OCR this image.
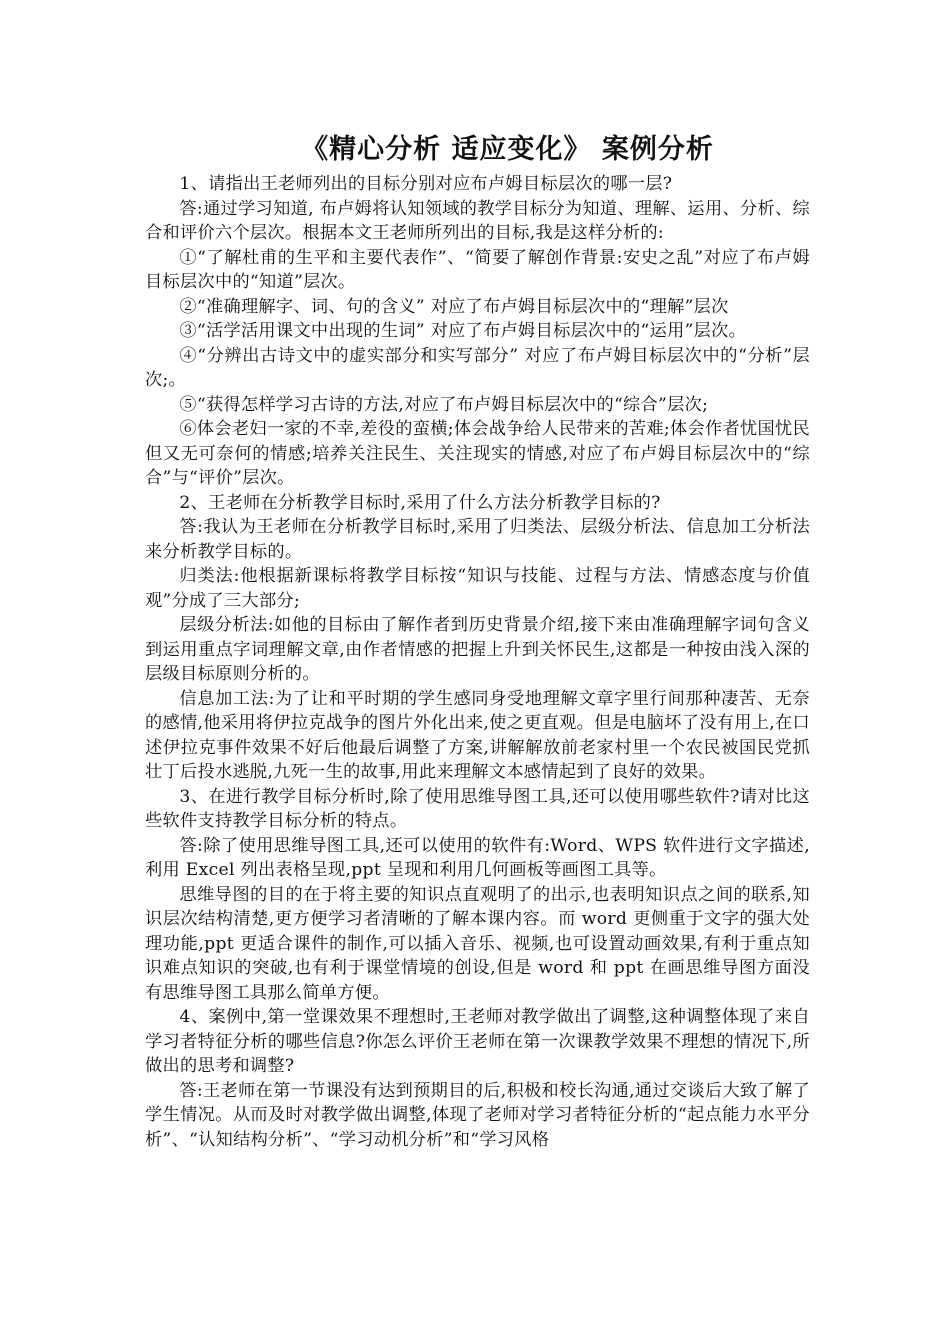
《精心分析 适应变化》 案例分析

1、请指出王老师列出的目标分别对应布卢姆目标层次的哪一层?

答:通过学习知道, 布卢姆将认知领域的教学目标分为知道、理解、运用、分析、综合和评价六个层次。根据本文王老师所列出的目标,我是这样分析的:

①“了解杜甫的生平和主要代表作”、“简要了解创作背景:安史之乱”对应了布卢姆目标层次中的“知道”层次。

②“准确理解字、词、句的含义” 对应了布卢姆目标层次中的“理解”层次

③“活学活用课文中出现的生词” 对应了布卢姆目标层次中的“运用”层次。

④“分辨出古诗文中的虚实部分和实写部分” 对应了布卢姆目标层次中的“分析”层次;。

⑤“获得怎样学习古诗的方法,对应了布卢姆目标层次中的“综合”层次;

⑥体会老妇一家的不幸,差役的蛮横;体会战争给人民带来的苦难;体会作者忧国忧民但又无可奈何的情感;培养关注民生、关注现实的情感,对应了布卢姆目标层次中的“综合”与“评价”层次。

2、王老师在分析教学目标时,采用了什么方法分析教学目标的?

答:我认为王老师在分析教学目标时,采用了归类法、层级分析法、信息加工分析法来分析教学目标的。

归类法:他根据新课标将教学目标按“知识与技能、过程与方法、情感态度与价值观”分成了三大部分;

层级分析法:如他的目标由了解作者到历史背景介绍,接下来由准确理解字词句含义到运用重点字词理解文章,由作者情感的把握上升到关怀民生,这都是一种按由浅入深的层级目标原则分析的。

信息加工法:为了让和平时期的学生感同身受地理解文章字里行间那种凄苦、无奈的感情,他采用将伊拉克战争的图片外化出来,使之更直观。但是电脑坏了没有用上,在口述伊拉克事件效果不好后他最后调整了方案,讲解解放前老家村里一个农民被国民党抓壮丁后投水逃脱,九死一生的故事,用此来理解文本感情起到了良好的效果。

3、在进行教学目标分析时,除了使用思维导图工具,还可以使用哪些软件?请对比这些软件支持教学目标分析的特点。

答:除了使用思维导图工具,还可以使用的软件有:Word、WPS 软件进行文字描述,利用 Excel 列出表格呈现,ppt 呈现和利用几何画板等画图工具等。

思维导图的目的在于将主要的知识点直观明了的出示,也表明知识点之间的联系,知识层次结构清楚,更方便学习者清晰的了解本课内容。而 word 更侧重于文字的强大处理功能,ppt 更适合课件的制作,可以插入音乐、视频,也可设置动画效果,有利于重点知识难点知识的突破,也有利于课堂情境的创设,但是 word 和 ppt 在画思维导图方面没有思维导图工具那么简单方便。

4、案例中,第一堂课效果不理想时,王老师对教学做出了调整,这种调整体现了来自学习者特征分析的哪些信息?你怎么评价王老师在第一次课教学效果不理想的情况下,所做出的思考和调整?

答:王老师在第一节课没有达到预期目的后,积极和校长沟通,通过交谈后大致了解了学生情况。从而及时对教学做出调整,体现了老师对学习者特征分析的“起点能力水平分析”、“认知结构分析”、“学习动机分析”和“学习风格
